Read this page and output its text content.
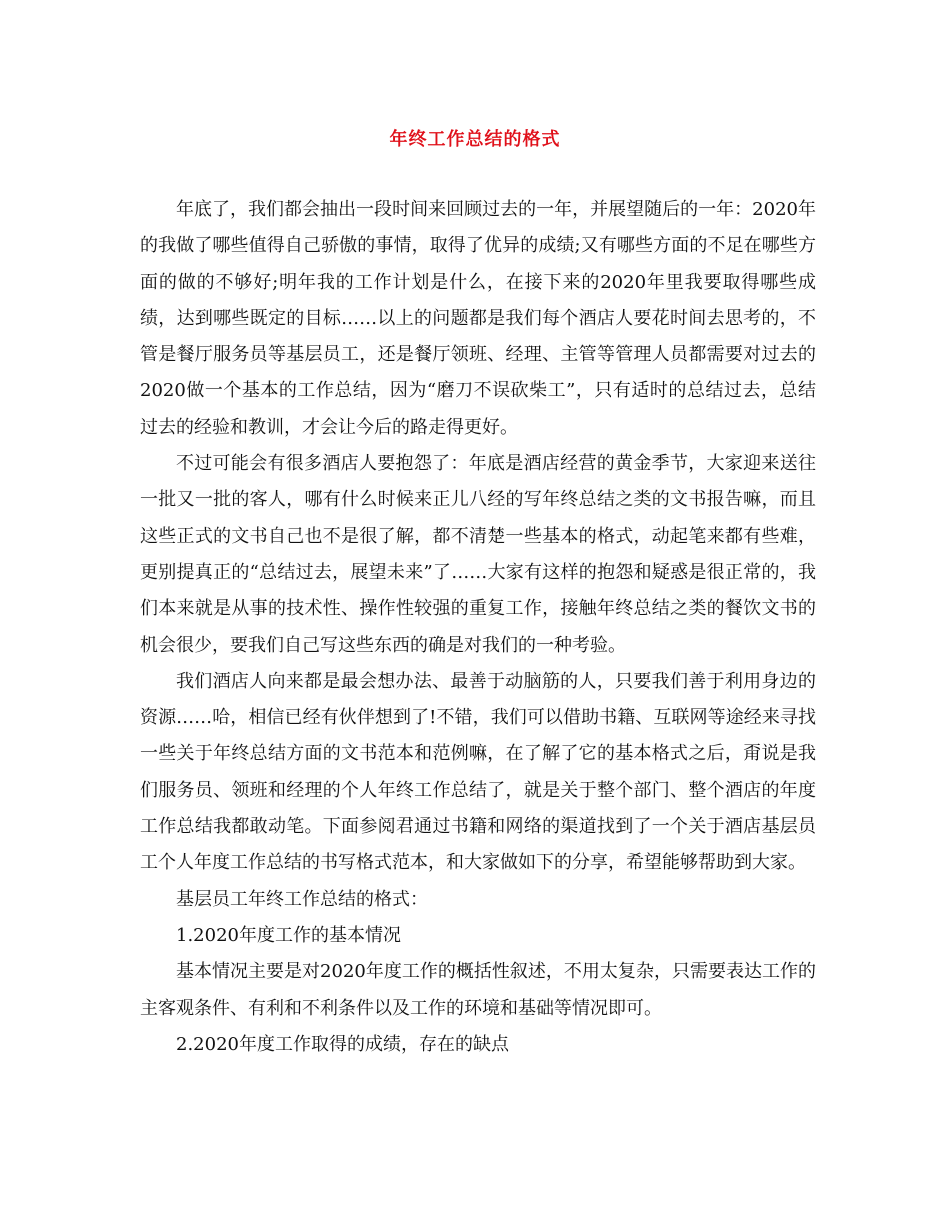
年终工作总结的格式

年底了，我们都会抽出一段时间来回顾过去的一年，并展望随后的一年：2020年的我做了哪些值得自己骄傲的事情，取得了优异的成绩;又有哪些方面的不足在哪些方面的做的不够好;明年我的工作计划是什么，在接下来的2020年里我要取得哪些成绩，达到哪些既定的目标……以上的问题都是我们每个酒店人要花时间去思考的，不管是餐厅服务员等基层员工，还是餐厅领班、经理、主管等管理人员都需要对过去的2020做一个基本的工作总结，因为“磨刀不误砍柴工”，只有适时的总结过去，总结过去的经验和教训，才会让今后的路走得更好。

不过可能会有很多酒店人要抱怨了：年底是酒店经营的黄金季节，大家迎来送往一批又一批的客人，哪有什么时候来正儿八经的写年终总结之类的文书报告嘛，而且这些正式的文书自己也不是很了解，都不清楚一些基本的格式，动起笔来都有些难，更别提真正的“总结过去，展望未来”了……大家有这样的抱怨和疑惑是很正常的，我们本来就是从事的技术性、操作性较强的重复工作，接触年终总结之类的餐饮文书的机会很少，要我们自己写这些东西的确是对我们的一种考验。

我们酒店人向来都是最会想办法、最善于动脑筋的人，只要我们善于利用身边的资源……哈，相信已经有伙伴想到了!不错，我们可以借助书籍、互联网等途经来寻找一些关于年终总结方面的文书范本和范例嘛，在了解了它的基本格式之后，甭说是我们服务员、领班和经理的个人年终工作总结了，就是关于整个部门、整个酒店的年度工作总结我都敢动笔。下面参阅君通过书籍和网络的渠道找到了一个关于酒店基层员工个人年度工作总结的书写格式范本，和大家做如下的分享，希望能够帮助到大家。

基层员工年终工作总结的格式：

1.2020年度工作的基本情况

基本情况主要是对2020年度工作的概括性叙述，不用太复杂，只需要表达工作的主客观条件、有利和不利条件以及工作的环境和基础等情况即可。

2.2020年度工作取得的成绩，存在的缺点
